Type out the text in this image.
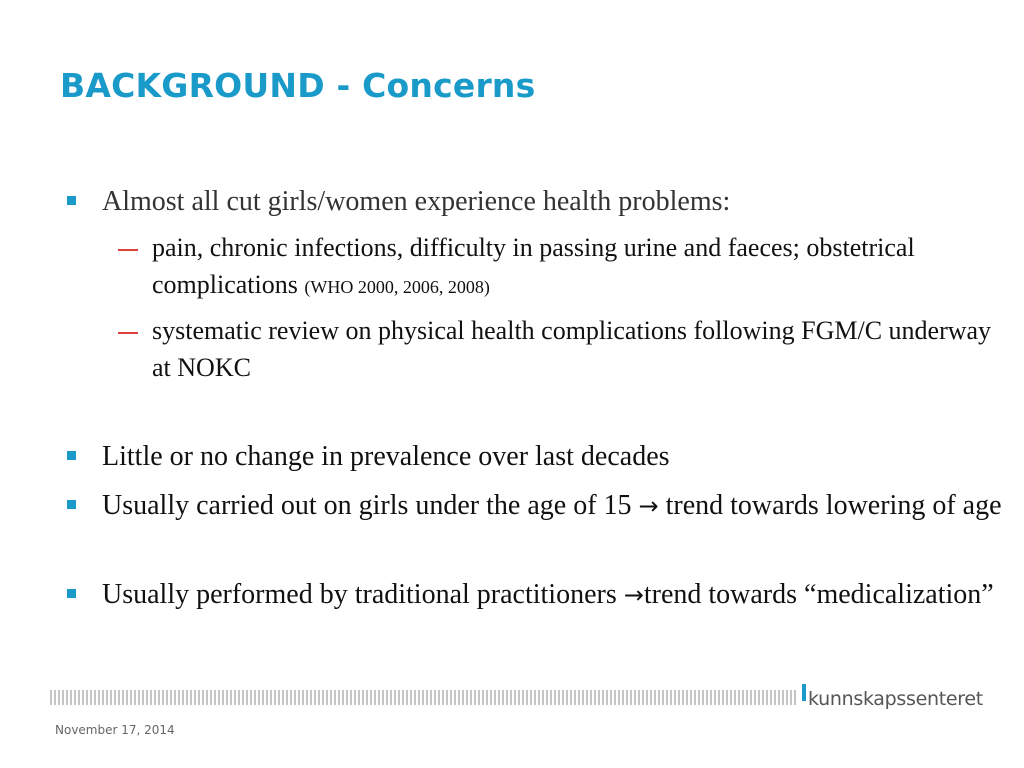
BACKGROUND - Concerns
Almost all cut girls/women experience health problems:
pain, chronic infections, difficulty in passing urine and faeces; obstetrical complications (WHO 2000, 2006, 2008)
systematic review on physical health complications following FGM/C underway at NOKC
Little or no change in prevalence over last decades
Usually carried out on girls under the age of 15 → trend towards lowering of age
Usually performed by traditional practitioners →trend towards “medicalization”
kunnskapssenteret
November 17, 2014
